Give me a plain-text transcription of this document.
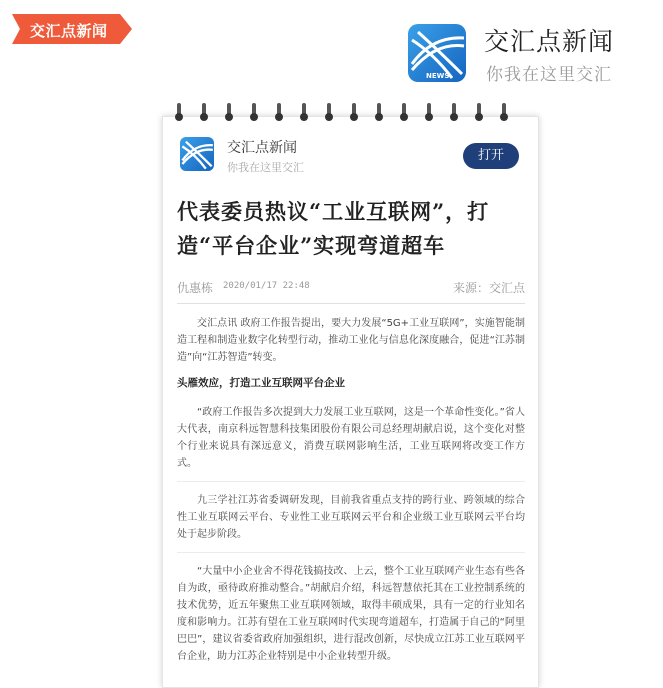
交汇点新闻
NEWS
交汇点新闻
你我在这里交汇
交汇点新闻
你我在这里交汇
打开
代表委员热议“工业互联网”，打造“平台企业”实现弯道超车
仇惠栋 2020/01/17 22:48	来源：交汇点

交汇点讯 政府工作报告提出，要大力发展“5G+工业互联网”，实施智能制造工程和制造业数字化转型行动，推动工业化与信息化深度融合，促进“江苏制造”向“江苏智造”转变。

头雁效应，打造工业互联网平台企业

“政府工作报告多次提到大力发展工业互联网，这是一个革命性变化。”省人大代表，南京科远智慧科技集团股份有限公司总经理胡献启说，这个变化对整个行业来说具有深远意义，消费互联网影响生活，工业互联网将改变工作方式。

九三学社江苏省委调研发现，目前我省重点支持的跨行业、跨领域的综合性工业互联网云平台、专业性工业互联网云平台和企业级工业互联网云平台均处于起步阶段。

“大量中小企业舍不得花钱搞技改、上云，整个工业互联网产业生态有些各自为政，亟待政府推动整合。”胡献启介绍，科远智慧依托其在工业控制系统的技术优势，近五年聚焦工业互联网领域，取得丰硕成果，具有一定的行业知名度和影响力。江苏有望在工业互联网时代实现弯道超车，打造属于自己的“阿里巴巴”，建议省委省政府加强组织，进行混改创新，尽快成立江苏工业互联网平台企业，助力江苏企业特别是中小企业转型升级。
